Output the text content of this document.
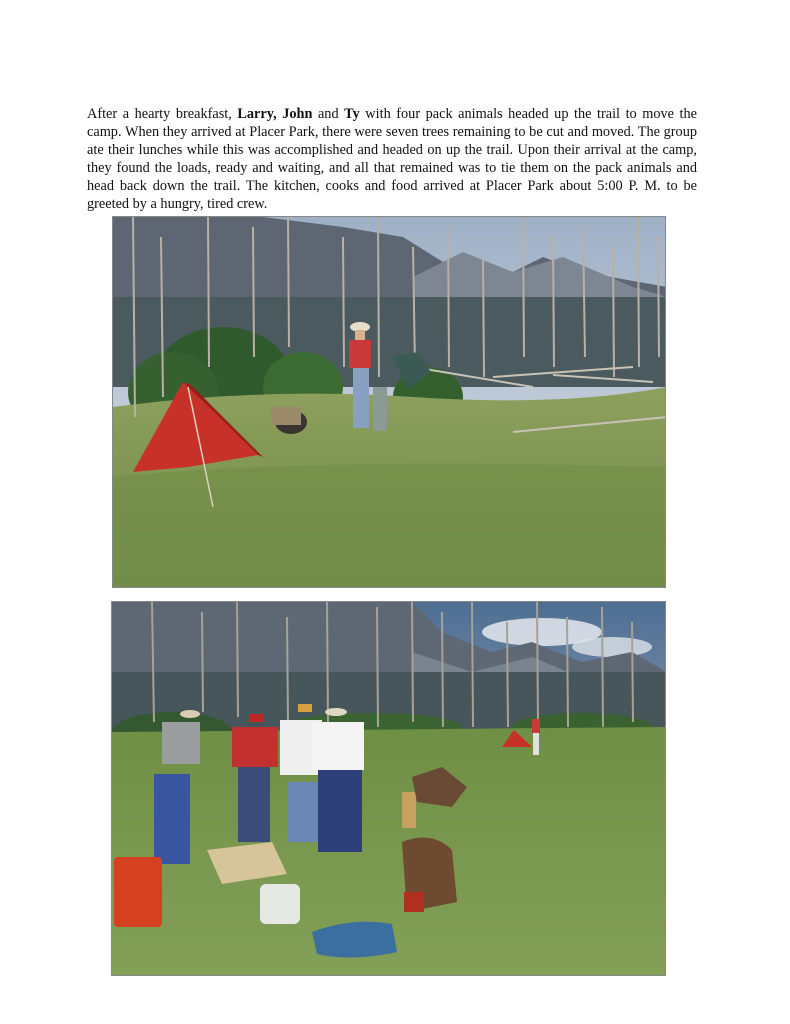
After a hearty breakfast, Larry, John and Ty with four pack animals headed up the trail to move the camp. When they arrived at Placer Park, there were seven trees remaining to be cut and moved. The group ate their lunches while this was accomplished and headed on up the trail. Upon their arrival at the camp, they found the loads, ready and waiting, and all that remained was to tie them on the pack animals and head back down the trail. The kitchen, cooks and food arrived at Placer Park about 5:00 P. M. to be greeted by a hungry, tired crew.
